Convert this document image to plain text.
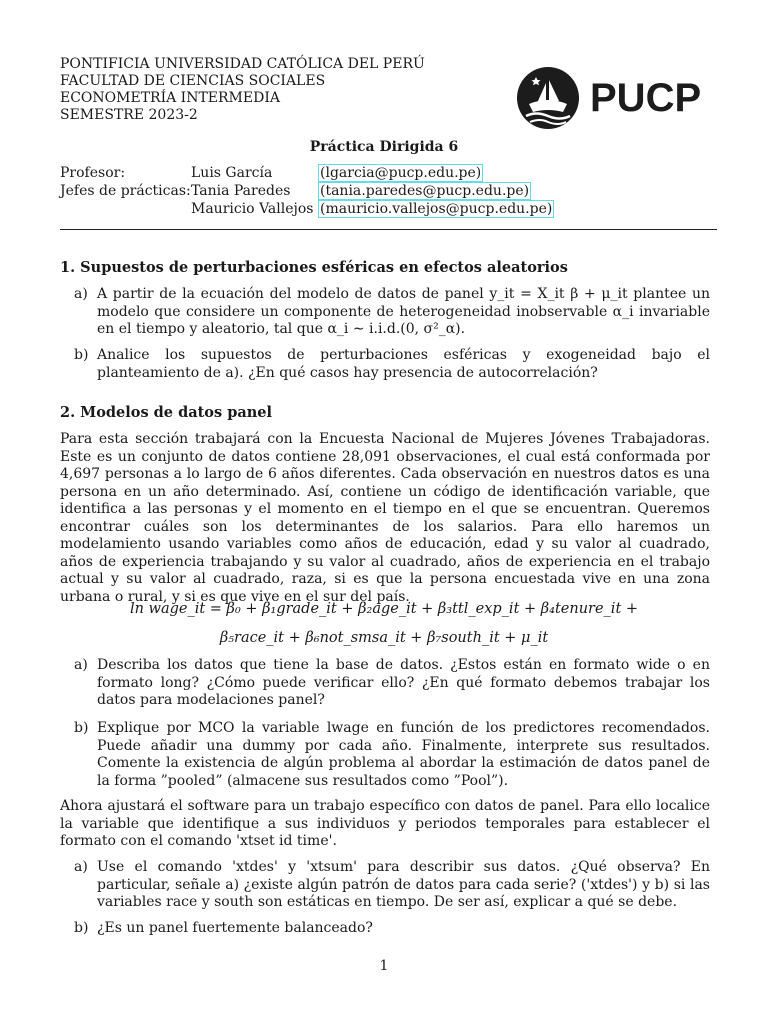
PONTIFICIA UNIVERSIDAD CATÓLICA DEL PERÚ
FACULTAD DE CIENCIAS SOCIALES
ECONOMETRÍA INTERMEDIA
SEMESTRE 2023-2	PUCP
Práctica Dirigida 6
Profesor:	Luis García	(lgarcia@pucp.edu.pe)
Jefes de prácticas:	Tania Paredes	(tania.paredes@pucp.edu.pe)
	Mauricio Vallejos	(mauricio.vallejos@pucp.edu.pe)
1. Supuestos de perturbaciones esféricas en efectos aleatorios
a) A partir de la ecuación del modelo de datos de panel y_it = X_it β + μ_it plantee un modelo que considere un componente de heterogeneidad inobservable α_i invariable en el tiempo y aleatorio, tal que α_i ∼ i.i.d.(0, σ²_α).
b) Analice los supuestos de perturbaciones esféricas y exogeneidad bajo el planteamiento de a). ¿En qué casos hay presencia de autocorrelación?
2. Modelos de datos panel
Para esta sección trabajará con la Encuesta Nacional de Mujeres Jóvenes Trabajadoras. Este es un conjunto de datos contiene 28,091 observaciones, el cual está conformada por 4,697 personas a lo largo de 6 años diferentes. Cada observación en nuestros datos es una persona en un año determinado. Así, contiene un código de identificación variable, que identifica a las personas y el momento en el tiempo en el que se encuentran. Queremos encontrar cuáles son los determinantes de los salarios. Para ello haremos un modelamiento usando variables como años de educación, edad y su valor al cuadrado, años de experiencia trabajando y su valor al cuadrado, años de experiencia en el trabajo actual y su valor al cuadrado, raza, si es que la persona encuestada vive en una zona urbana o rural, y si es que vive en el sur del país.
ln wage_it = β₀ + β₁grade_it + β₂age_it + β₃ttl_exp_it + β₄tenure_it +
β₅race_it + β₆not_smsa_it + β₇south_it + μ_it
a) Describa los datos que tiene la base de datos. ¿Estos están en formato wide o en formato long? ¿Cómo puede verificar ello? ¿En qué formato debemos trabajar los datos para modelaciones panel?
b) Explique por MCO la variable lwage en función de los predictores recomendados. Puede añadir una dummy por cada año. Finalmente, interprete sus resultados. Comente la existencia de algún problema al abordar la estimación de datos panel de la forma ”pooled” (almacene sus resultados como ”Pool”).
Ahora ajustará el software para un trabajo específico con datos de panel. Para ello localice la variable que identifique a sus individuos y periodos temporales para establecer el formato con el comando 'xtset id time'.
a) Use el comando 'xtdes' y 'xtsum' para describir sus datos. ¿Qué observa? En particular, señale a) ¿existe algún patrón de datos para cada serie? ('xtdes') y b) si las variables race y south son estáticas en tiempo. De ser así, explicar a qué se debe.
b) ¿Es un panel fuertemente balanceado?
1
